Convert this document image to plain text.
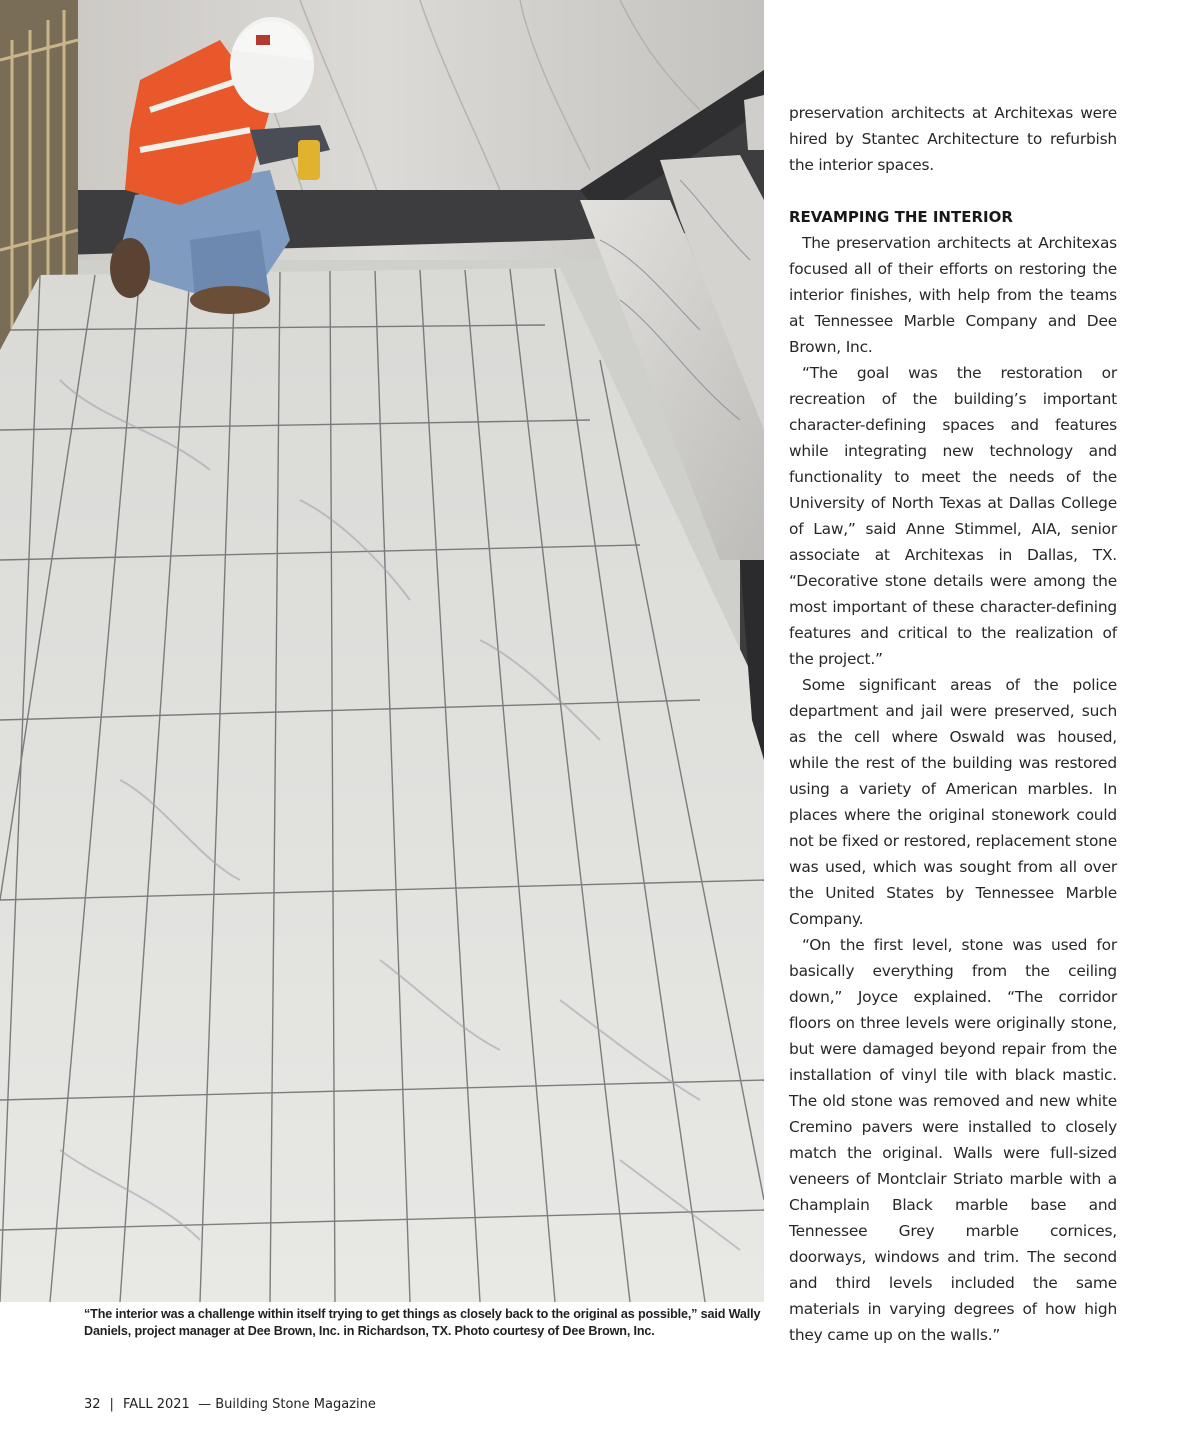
“The interior was a challenge within itself trying to get things as closely back to the original as possible,” said Wally Daniels, project manager at Dee Brown, Inc. in Richardson, TX. Photo courtesy of Dee Brown, Inc.

preservation architects at Architexas were hired by Stantec Architecture to refurbish the interior spaces.

REVAMPING THE INTERIOR

The preservation architects at Architexas focused all of their efforts on restoring the interior finishes, with help from the teams at Tennessee Marble Company and Dee Brown, Inc.

“The goal was the restoration or recreation of the building’s important character-defining spaces and features while integrating new technology and functionality to meet the needs of the University of North Texas at Dallas College of Law,” said Anne Stimmel, AIA, senior associate at Architexas in Dallas, TX. “Decorative stone details were among the most important of these character-defining features and critical to the realization of the project.”

Some significant areas of the police department and jail were preserved, such as the cell where Oswald was housed, while the rest of the building was restored using a variety of American marbles. In places where the original stonework could not be fixed or restored, replacement stone was used, which was sought from all over the United States by Tennessee Marble Company.

“On the first level, stone was used for basically everything from the ceiling down,” Joyce explained. “The corridor floors on three levels were originally stone, but were damaged beyond repair from the installation of vinyl tile with black mastic. The old stone was removed and new white Cremino pavers were installed to closely match the original. Walls were full-sized veneers of Montclair Striato marble with a Champlain Black marble base and Tennessee Grey marble cornices, doorways, windows and trim. The second and third levels included the same materials in varying degrees of how high they came up on the walls.”

32 | FALL 2021 — Building Stone Magazine
